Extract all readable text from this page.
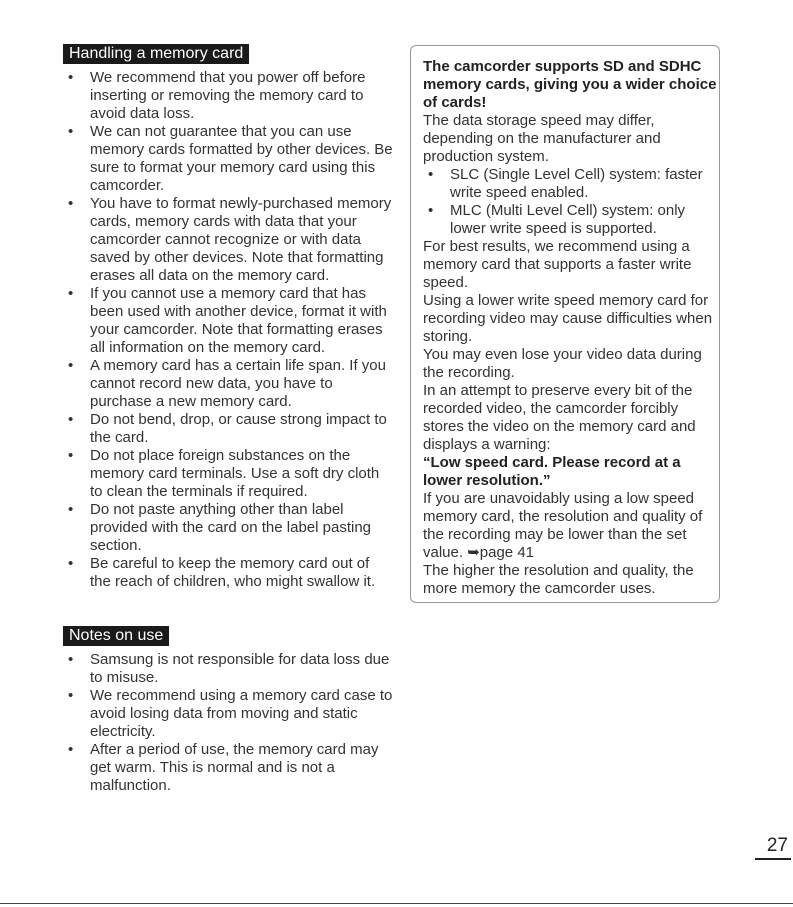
Handling a memory card
• We recommend that you power off before inserting or removing the memory card to avoid data loss.
• We can not guarantee that you can use memory cards formatted by other devices. Be sure to format your memory card using this camcorder.
• You have to format newly-purchased memory cards, memory cards with data that your camcorder cannot recognize or with data saved by other devices. Note that formatting erases all data on the memory card.
• If you cannot use a memory card that has been used with another device, format it with your camcorder. Note that formatting erases all information on the memory card.
• A memory card has a certain life span. If you cannot record new data, you have to purchase a new memory card.
• Do not bend, drop, or cause strong impact to the card.
• Do not place foreign substances on the memory card terminals. Use a soft dry cloth to clean the terminals if required.
• Do not paste anything other than label provided with the card on the label pasting section.
• Be careful to keep the memory card out of the reach of children, who might swallow it.
Notes on use
• Samsung is not responsible for data loss due to misuse.
• We recommend using a memory card case to avoid losing data from moving and static electricity.
• After a period of use, the memory card may get warm. This is normal and is not a malfunction.

The camcorder supports SD and SDHC memory cards, giving you a wider choice of cards!

The data storage speed may differ, depending on the manufacturer and production system.

• SLC (Single Level Cell) system: faster write speed enabled.
• MLC (Multi Level Cell) system: only lower write speed is supported.

For best results, we recommend using a memory card that supports a faster write speed.

Using a lower write speed memory card for recording video may cause difficulties when storing.

You may even lose your video data during the recording.

In an attempt to preserve every bit of the recorded video, the camcorder forcibly stores the video on the memory card and displays a warning:

“Low speed card. Please record at a lower resolution.”

If you are unavoidably using a low speed memory card, the resolution and quality of the recording may be lower than the set value. ➥page 41

The higher the resolution and quality, the more memory the camcorder uses.

27
